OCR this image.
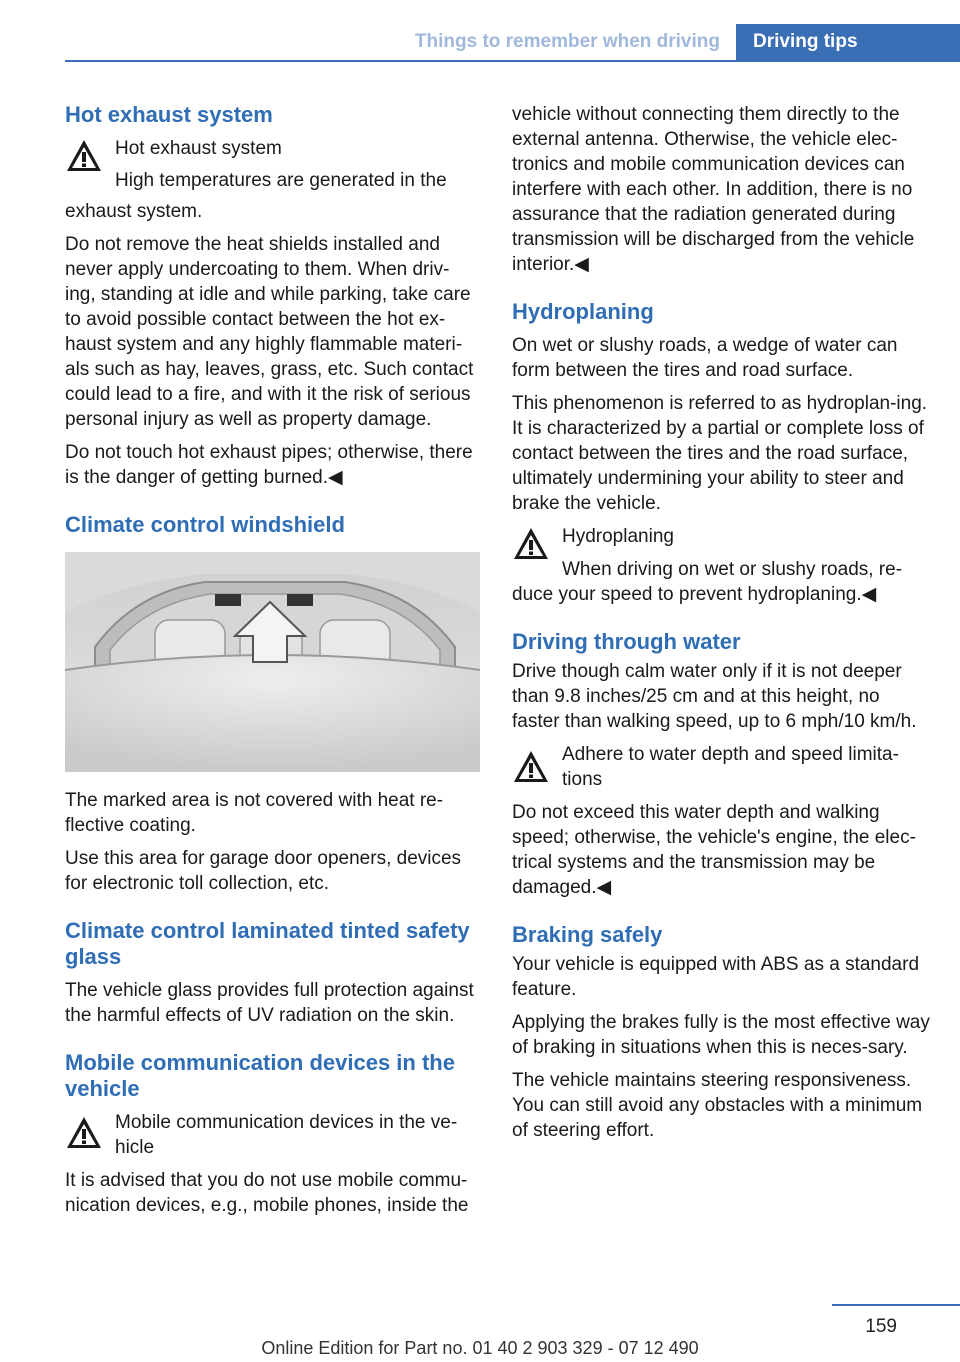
Things to remember when driving	Driving tips
Hot exhaust system
Hot exhaust system
High temperatures are generated in the

exhaust system.

Do not remove the heat shields installed and never apply undercoating to them. When driv‐ing, standing at idle and while parking, take care to avoid possible contact between the hot ex‐haust system and any highly flammable materi‐als such as hay, leaves, grass, etc. Such contact could lead to a fire, and with it the risk of serious personal injury as well as property damage.

Do not touch hot exhaust pipes; otherwise, there is the danger of getting burned.◀

Climate control windshield

The marked area is not covered with heat re‐flective coating.

Use this area for garage door openers, devices for electronic toll collection, etc.

Climate control laminated tinted safety glass

The vehicle glass provides full protection against the harmful effects of UV radiation on the skin.

Mobile communication devices in the vehicle
Mobile communication devices in the ve‐hicle

It is advised that you do not use mobile commu‐nication devices, e.g., mobile phones, inside the

vehicle without connecting them directly to the external antenna. Otherwise, the vehicle elec‐tronics and mobile communication devices can interfere with each other. In addition, there is no assurance that the radiation generated during transmission will be discharged from the vehicle interior.◀

Hydroplaning

On wet or slushy roads, a wedge of water can form between the tires and road surface.

This phenomenon is referred to as hydroplan‐ing. It is characterized by a partial or complete loss of contact between the tires and the road surface, ultimately undermining your ability to steer and brake the vehicle.

Hydroplaning

When driving on wet or slushy roads, re‐duce your speed to prevent hydroplaning.◀

Driving through water

Drive though calm water only if it is not deeper than 9.8 inches/25 cm and at this height, no faster than walking speed, up to 6 mph/10 km/h.

Adhere to water depth and speed limita‐tions

Do not exceed this water depth and walking speed; otherwise, the vehicle's engine, the elec‐trical systems and the transmission may be damaged.◀

Braking safely

Your vehicle is equipped with ABS as a standard feature.

Applying the brakes fully is the most effective way of braking in situations when this is neces‐sary.

The vehicle maintains steering responsiveness. You can still avoid any obstacles with a minimum of steering effort.

159
Online Edition for Part no. 01 40 2 903 329 - 07 12 490
